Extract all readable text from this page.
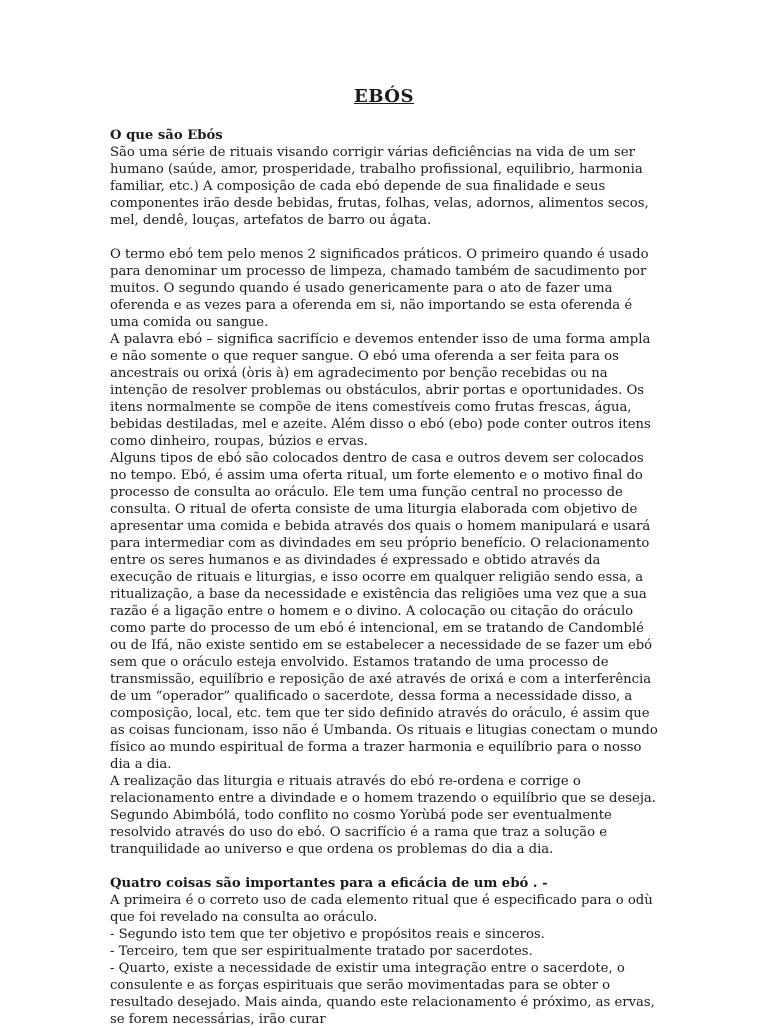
EBÓS

O que são Ebós

São uma série de rituais visando corrigir várias deficiências na vida de um ser humano (saúde, amor, prosperidade, trabalho profissional, equilibrio, harmonia familiar, etc.) A composição de cada ebó depende de sua finalidade e seus componentes irão desde bebidas, frutas, folhas, velas, adornos, alimentos secos, mel, dendê, louças, artefatos de barro ou ágata.

O termo ebó tem pelo menos 2 significados práticos. O primeiro quando é usado para denominar um processo de limpeza, chamado também de sacudimento por muitos. O segundo quando é usado genericamente para o ato de fazer uma oferenda e as vezes para a oferenda em si, não importando se esta oferenda é uma comida ou sangue.

A palavra ebó – significa sacrifício e devemos entender isso de uma forma ampla e não somente o que requer sangue. O ebó uma oferenda a ser feita para os ancestrais ou orixá (òris à) em agradecimento por benção recebidas ou na intenção de resolver problemas ou obstáculos, abrir portas e oportunidades. Os itens normalmente se compõe de itens comestíveis como frutas frescas, água, bebidas destiladas, mel e azeite. Além disso o ebó (ebo) pode conter outros itens como dinheiro, roupas, búzios e ervas.

Alguns tipos de ebó são colocados dentro de casa e outros devem ser colocados no tempo. Ebó, é assim uma oferta ritual, um forte elemento e o motivo final do processo de consulta ao oráculo. Ele tem uma função central no processo de consulta. O ritual de oferta consiste de uma liturgia elaborada com objetivo de apresentar uma comida e bebida através dos quais o homem manipulará e usará para intermediar com as divindades em seu próprio benefício. O relacionamento entre os seres humanos e as divindades é expressado e obtido através da execução de rituais e liturgias, e isso ocorre em qualquer religião sendo essa, a ritualização, a base da necessidade e existência das religiões uma vez que a sua razão é a ligação entre o homem e o divino. A colocação ou citação do oráculo como parte do processo de um ebó é intencional, em se tratando de Candomblé ou de Ifá, não existe sentido em se estabelecer a necessidade de se fazer um ebó sem que o oráculo esteja envolvido. Estamos tratando de uma processo de transmissão, equilíbrio e reposição de axé através de orixá e com a interferência de um “operador” qualificado o sacerdote, dessa forma a necessidade disso, a composição, local, etc. tem que ter sido definido através do oráculo, é assim que as coisas funcionam, isso não é Umbanda. Os rituais e litugias conectam o mundo físico ao mundo espiritual de forma a trazer harmonia e equilíbrio para o nosso dia a dia.

A realização das liturgia e rituais através do ebó re-ordena e corrige o relacionamento entre a divindade e o homem trazendo o equilíbrio que se deseja. Segundo Abimbólá, todo conflito no cosmo Yorùbá pode ser eventualmente resolvido através do uso do ebó. O sacrifício é a rama que traz a solução e tranquilidade ao universo e que ordena os problemas do dia a dia.

Quatro coisas são importantes para a eficácia de um ebó . -

A primeira é o correto uso de cada elemento ritual que é especificado para o odù que foi revelado na consulta ao oráculo.

- Segundo isto tem que ter objetivo e propósitos reais e sinceros.

- Terceiro, tem que ser espiritualmente tratado por sacerdotes.

- Quarto, existe a necessidade de existir uma integração entre o sacerdote, o consulente e as forças espirituais que serão movimentadas para se obter o resultado desejado. Mais ainda, quando este relacionamento é próximo, as ervas, se forem necessárias, irão curar
